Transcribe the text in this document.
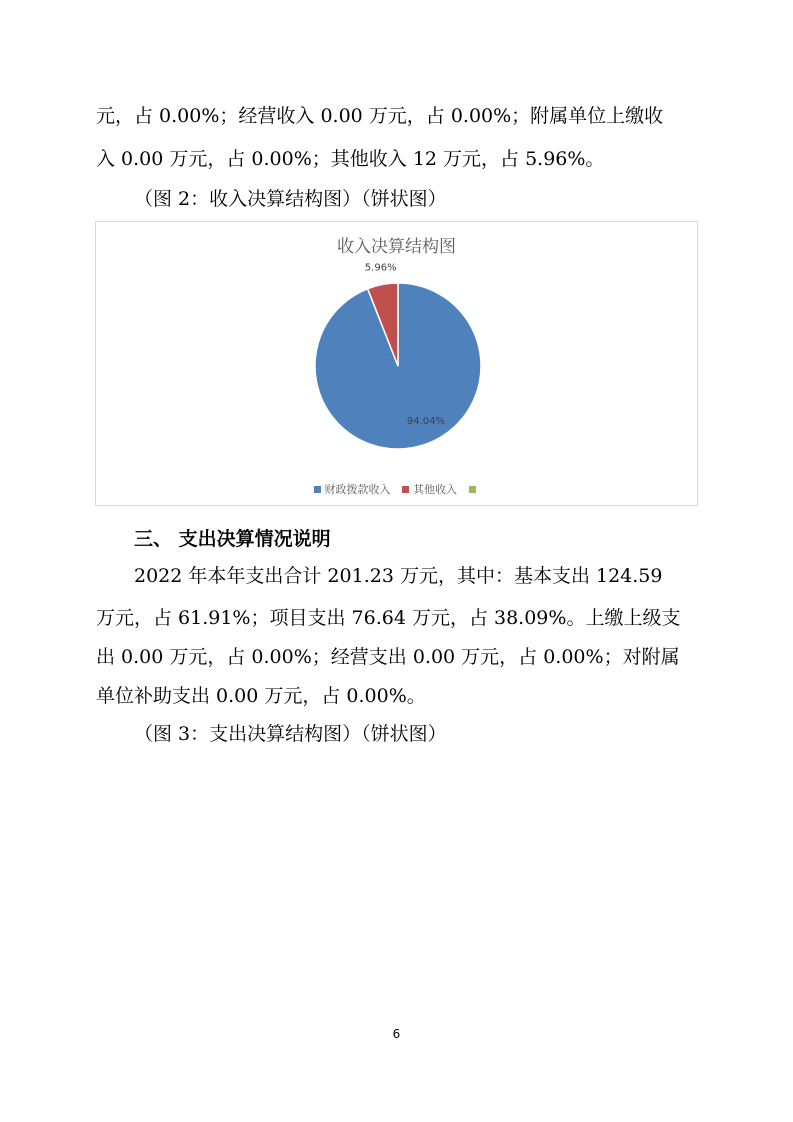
元，占 0.00%；经营收入 0.00 万元，占 0.00%；附属单位上缴收
入 0.00 万元，占 0.00%；其他收入 12 万元，占 5.96%。
（图 2：收入决算结构图）（饼状图）
收入决算结构图
94.04%
5.96%
财政拨款收入 其他收入
三、 支出决算情况说明
2022 年本年支出合计 201.23 万元，其中：基本支出 124.59
万元，占 61.91%；项目支出 76.64 万元，占 38.09%。上缴上级支
出 0.00 万元，占 0.00%；经营支出 0.00 万元，占 0.00%；对附属
单位补助支出 0.00 万元，占 0.00%。
（图 3：支出决算结构图）（饼状图）
6
